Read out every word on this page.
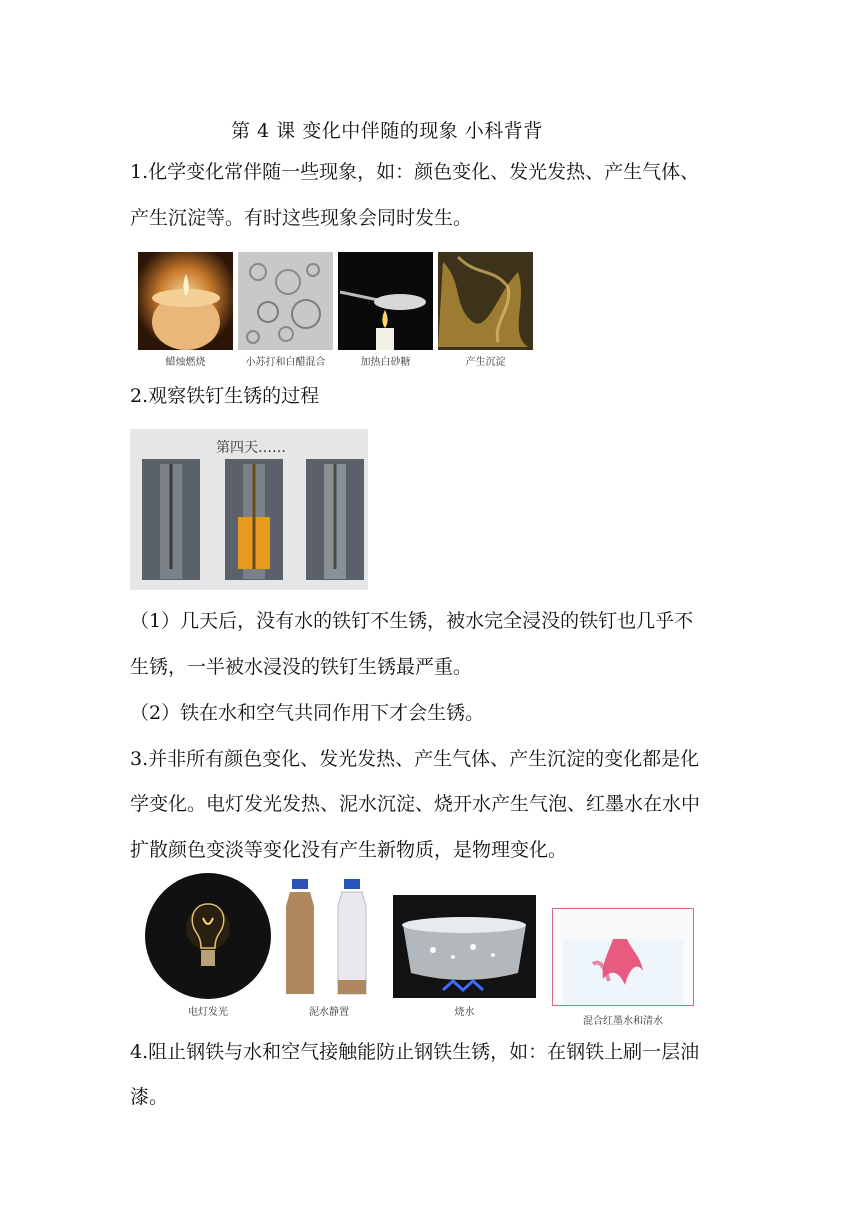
第 4 课 变化中伴随的现象 小科背背
1.化学变化常伴随一些现象，如：颜色变化、发光发热、产生气体、
产生沉淀等。有时这些现象会同时发生。
蜡烛燃烧	小苏打和白醋混合	加热白砂糖	产生沉淀
2.观察铁钉生锈的过程
第四天……
（1）几天后，没有水的铁钉不生锈，被水完全浸没的铁钉也几乎不
生锈，一半被水浸没的铁钉生锈最严重。
（2）铁在水和空气共同作用下才会生锈。
3.并非所有颜色变化、发光发热、产生气体、产生沉淀的变化都是化
学变化。电灯发光发热、泥水沉淀、烧开水产生气泡、红墨水在水中
扩散颜色变淡等变化没有产生新物质，是物理变化。
电灯发光	泥水静置	烧水
混合红墨水和清水
4.阻止钢铁与水和空气接触能防止钢铁生锈，如：在钢铁上刷一层油
漆。
